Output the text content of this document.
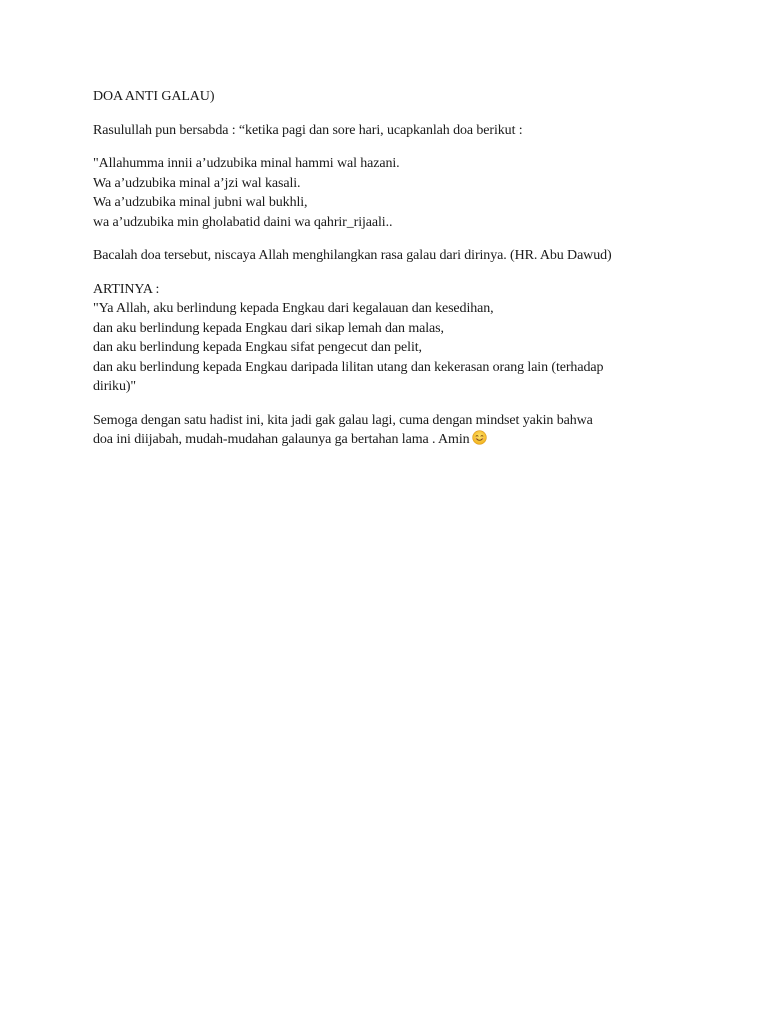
DOA ANTI GALAU)

Rasulullah pun bersabda : “ketika pagi dan sore hari, ucapkanlah doa berikut :

"Allahumma innii a’udzubika minal hammi wal hazani.
Wa a’udzubika minal a’jzi wal kasali.
Wa a’udzubika minal jubni wal bukhli,
wa a’udzubika min gholabatid daini wa qahrir_rijaali..

Bacalah doa tersebut, niscaya Allah menghilangkan rasa galau dari dirinya. (HR. Abu Dawud)

ARTINYA :
"Ya Allah, aku berlindung kepada Engkau dari kegalauan dan kesedihan,
dan aku berlindung kepada Engkau dari sikap lemah dan malas,
dan aku berlindung kepada Engkau sifat pengecut dan pelit,
dan aku berlindung kepada Engkau daripada lilitan utang dan kekerasan orang lain (terhadap
diriku)"

Semoga dengan satu hadist ini, kita jadi gak galau lagi, cuma dengan mindset yakin bahwa
doa ini diijabah, mudah-mudahan galaunya ga bertahan lama . Amin
